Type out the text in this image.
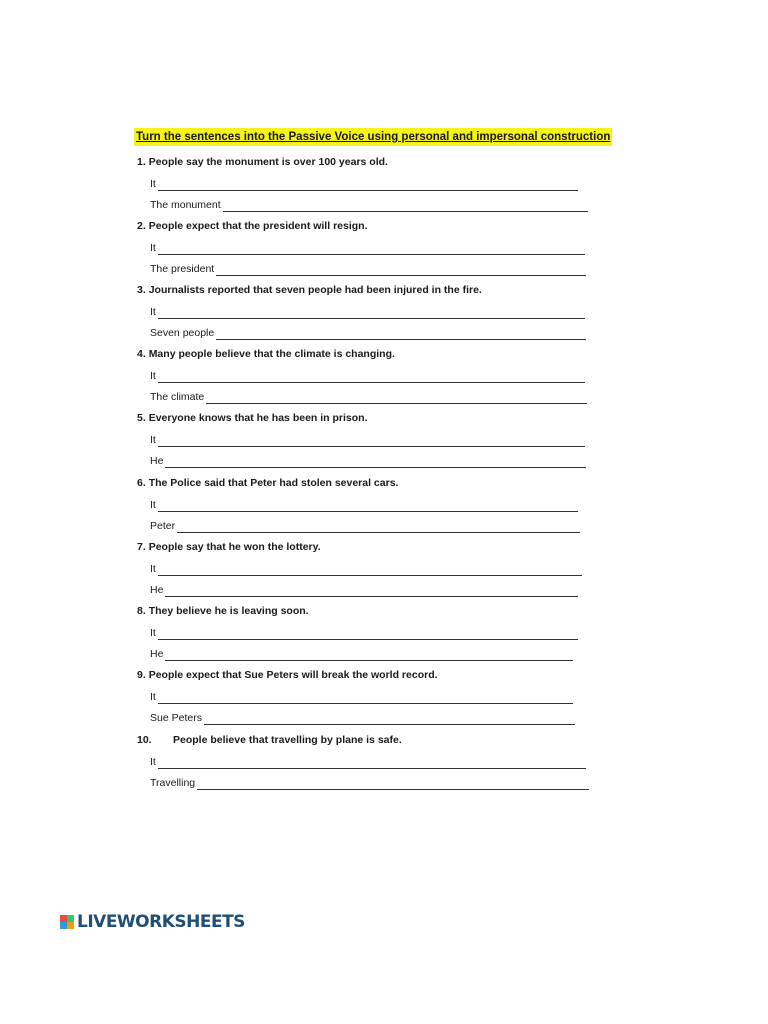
Turn the sentences into the Passive Voice using personal and impersonal construction
1. People say the monument is over 100 years old.
It
The monument
2. People expect that the president will resign.
It
The president
3. Journalists reported that seven people had been injured in the fire.
It
Seven people
4. Many people believe that the climate is changing.
It
The climate
5. Everyone knows that he has been in prison.
It
He
6. The Police said that Peter had stolen several cars.
It
Peter
7. People say that he won the lottery.
It
He
8. They believe he is leaving soon.
It
He
9. People expect that Sue Peters will break the world record.
It
Sue Peters
10. People believe that travelling by plane is safe.
It
Travelling
LIVEWORKSHEETS
